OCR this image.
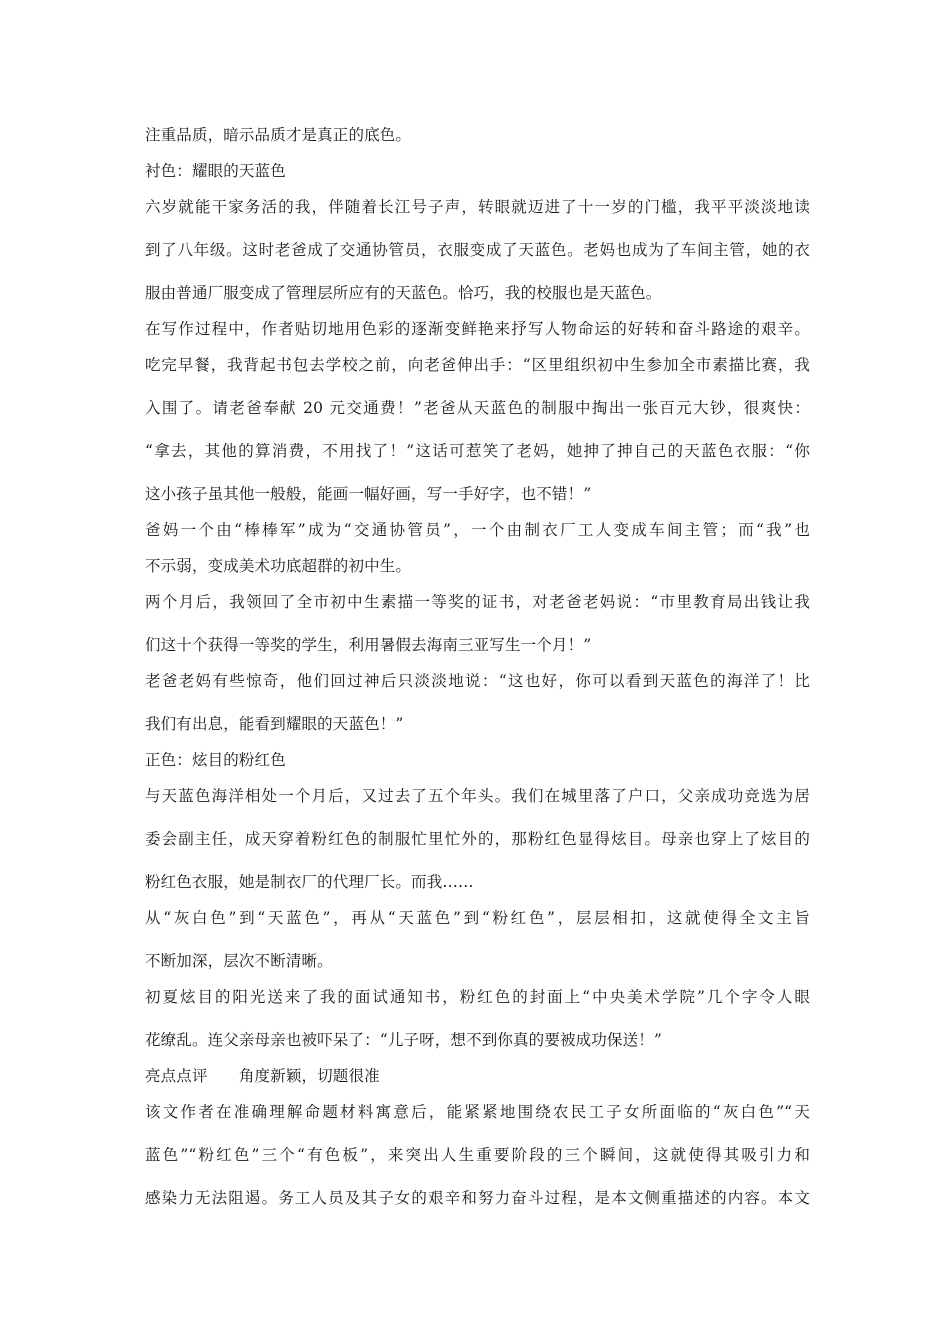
注重品质，暗示品质才是真正的底色。
衬色：耀眼的天蓝色
六岁就能干家务活的我，伴随着长江号子声，转眼就迈进了十一岁的门槛，我平平淡淡地读
到了八年级。这时老爸成了交通协管员，衣服变成了天蓝色。老妈也成为了车间主管，她的衣
服由普通厂服变成了管理层所应有的天蓝色。恰巧，我的校服也是天蓝色。
在写作过程中，作者贴切地用色彩的逐渐变鲜艳来抒写人物命运的好转和奋斗路途的艰辛。
吃完早餐，我背起书包去学校之前，向老爸伸出手：“区里组织初中生参加全市素描比赛，我
入围了。请老爸奉献 20 元交通费！”老爸从天蓝色的制服中掏出一张百元大钞，很爽快：
“拿去，其他的算消费，不用找了！”这话可惹笑了老妈，她抻了抻自己的天蓝色衣服：“你
这小孩子虽其他一般般，能画一幅好画，写一手好字，也不错！”
爸妈一个由“棒棒军”成为“交通协管员”，一个由制衣厂工人变成车间主管；而“我”也
不示弱，变成美术功底超群的初中生。
两个月后，我领回了全市初中生素描一等奖的证书，对老爸老妈说：“市里教育局出钱让我
们这十个获得一等奖的学生，利用暑假去海南三亚写生一个月！”
老爸老妈有些惊奇，他们回过神后只淡淡地说：“这也好，你可以看到天蓝色的海洋了！比
我们有出息，能看到耀眼的天蓝色！”
正色：炫目的粉红色
与天蓝色海洋相处一个月后，又过去了五个年头。我们在城里落了户口，父亲成功竞选为居
委会副主任，成天穿着粉红色的制服忙里忙外的，那粉红色显得炫目。母亲也穿上了炫目的
粉红色衣服，她是制衣厂的代理厂长。而我……
从“灰白色”到“天蓝色”，再从“天蓝色”到“粉红色”，层层相扣，这就使得全文主旨
不断加深，层次不断清晰。
初夏炫目的阳光送来了我的面试通知书，粉红色的封面上“中央美术学院”几个字令人眼
花缭乱。连父亲母亲也被吓呆了：“儿子呀，想不到你真的要被成功保送！”
亮点点评　　角度新颖，切题很准
该文作者在准确理解命题材料寓意后，能紧紧地围绕农民工子女所面临的“灰白色”“天
蓝色”“粉红色”三个“有色板”，来突出人生重要阶段的三个瞬间，这就使得其吸引力和
感染力无法阻遏。务工人员及其子女的艰辛和努力奋斗过程，是本文侧重描述的内容。本文
